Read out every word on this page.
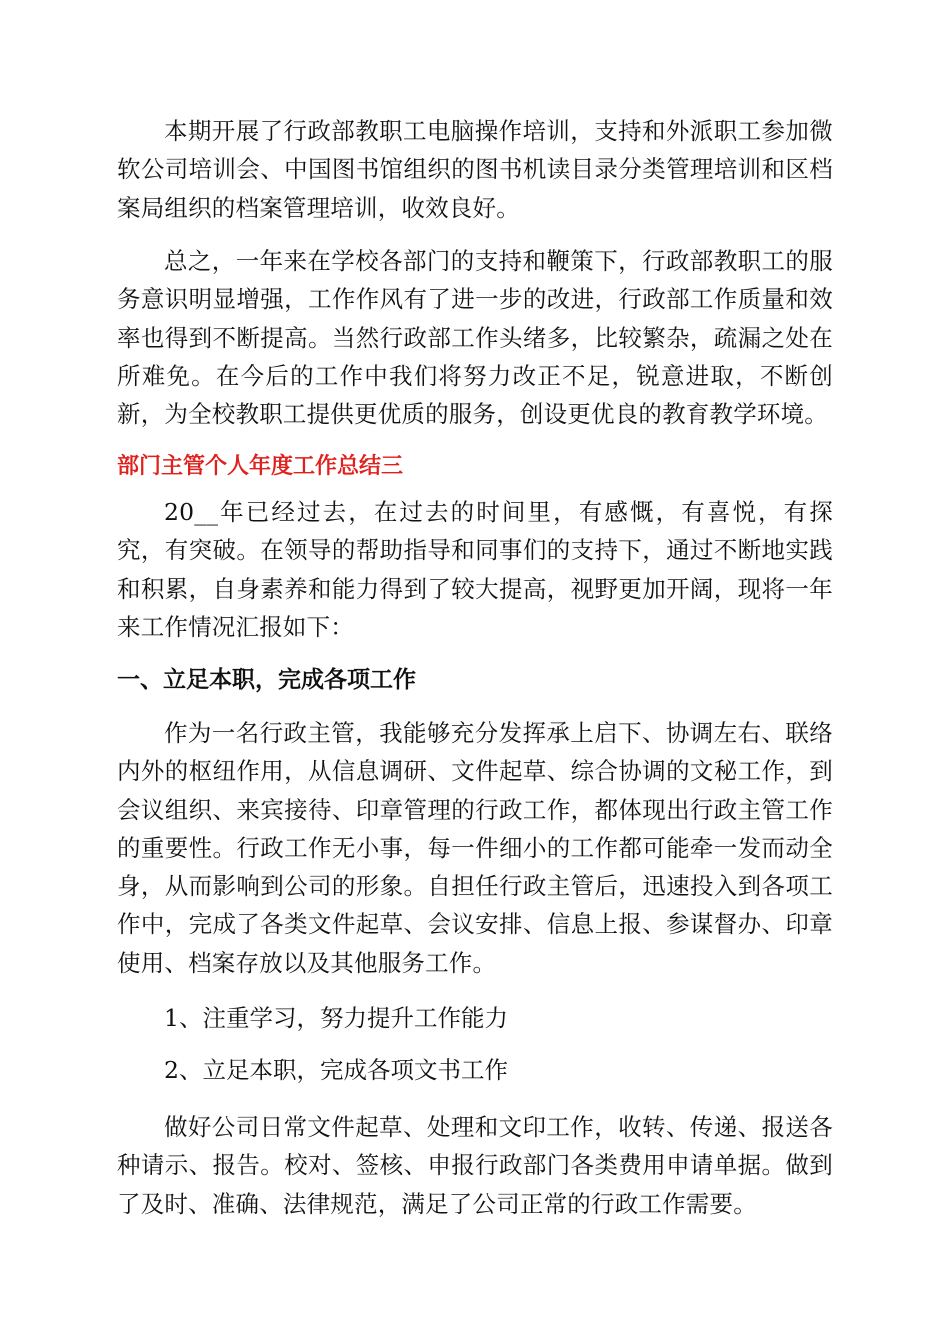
本期开展了行政部教职工电脑操作培训，支持和外派职工参加微软公司培训会、中国图书馆组织的图书机读目录分类管理培训和区档案局组织的档案管理培训，收效良好。

总之，一年来在学校各部门的支持和鞭策下，行政部教职工的服务意识明显增强，工作作风有了进一步的改进，行政部工作质量和效率也得到不断提高。当然行政部工作头绪多，比较繁杂，疏漏之处在所难免。在今后的工作中我们将努力改正不足，锐意进取，不断创新，为全校教职工提供更优质的服务，创设更优良的教育教学环境。

部门主管个人年度工作总结三

20__年已经过去，在过去的时间里，有感慨，有喜悦，有探究，有突破。在领导的帮助指导和同事们的支持下，通过不断地实践和积累，自身素养和能力得到了较大提高，视野更加开阔，现将一年来工作情况汇报如下：

一、立足本职，完成各项工作

作为一名行政主管，我能够充分发挥承上启下、协调左右、联络内外的枢纽作用，从信息调研、文件起草、综合协调的文秘工作，到会议组织、来宾接待、印章管理的行政工作，都体现出行政主管工作的重要性。行政工作无小事，每一件细小的工作都可能牵一发而动全身，从而影响到公司的形象。自担任行政主管后，迅速投入到各项工作中，完成了各类文件起草、会议安排、信息上报、参谋督办、印章使用、档案存放以及其他服务工作。

1、注重学习，努力提升工作能力

2、立足本职，完成各项文书工作

做好公司日常文件起草、处理和文印工作，收转、传递、报送各种请示、报告。校对、签核、申报行政部门各类费用申请单据。做到了及时、准确、法律规范，满足了公司正常的行政工作需要。
